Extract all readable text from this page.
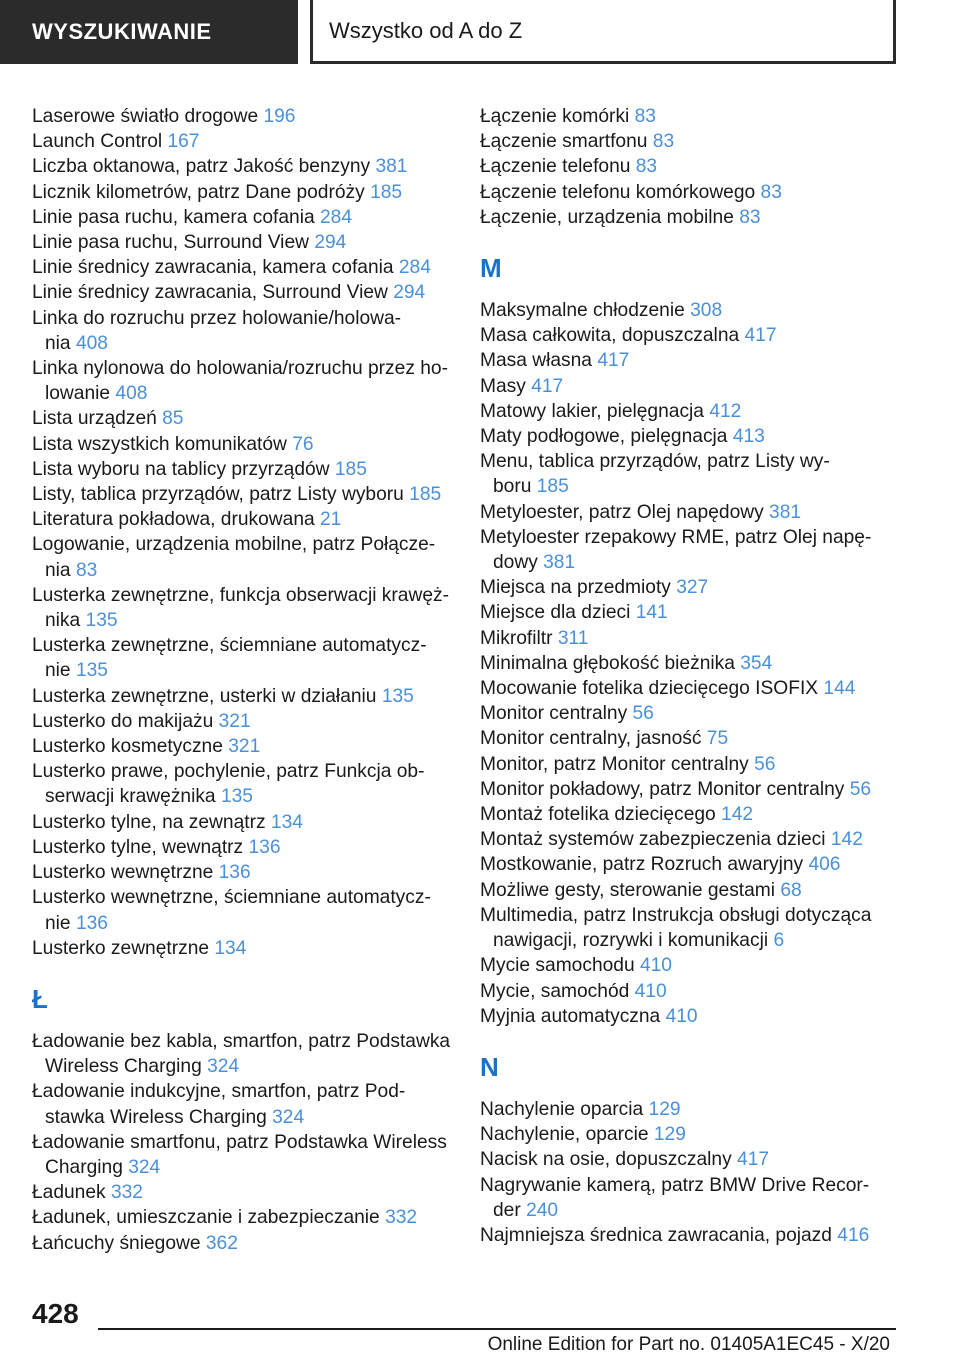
WYSZUKIWANIE	Wszystko od A do Z
Laserowe światło drogowe 196
Launch Control 167
Liczba oktanowa, patrz Jakość benzyny 381
Licznik kilometrów, patrz Dane podróży 185
Linie pasa ruchu, kamera cofania 284
Linie pasa ruchu, Surround View 294
Linie średnicy zawracania, kamera cofania 284
Linie średnicy zawracania, Surround View 294
Linka do rozruchu przez holowanie/holowa-
nia 408
Linka nylonowa do holowania/rozruchu przez ho-
lowanie 408
Lista urządzeń 85
Lista wszystkich komunikatów 76
Lista wyboru na tablicy przyrządów 185
Listy, tablica przyrządów, patrz Listy wyboru 185
Literatura pokładowa, drukowana 21
Logowanie, urządzenia mobilne, patrz Połącze-
nia 83
Lusterka zewnętrzne, funkcja obserwacji krawęż-
nika 135
Lusterka zewnętrzne, ściemniane automatycz-
nie 135
Lusterka zewnętrzne, usterki w działaniu 135
Lusterko do makijażu 321
Lusterko kosmetyczne 321
Lusterko prawe, pochylenie, patrz Funkcja ob-
serwacji krawężnika 135
Lusterko tylne, na zewnątrz 134
Lusterko tylne, wewnątrz 136
Lusterko wewnętrzne 136
Lusterko wewnętrzne, ściemniane automatycz-
nie 136
Lusterko zewnętrzne 134
Ł
Ładowanie bez kabla, smartfon, patrz Podstawka
Wireless Charging 324
Ładowanie indukcyjne, smartfon, patrz Pod-
stawka Wireless Charging 324
Ładowanie smartfonu, patrz Podstawka Wireless
Charging 324
Ładunek 332
Ładunek, umieszczanie i zabezpieczanie 332
Łańcuchy śniegowe 362
Łączenie komórki 83
Łączenie smartfonu 83
Łączenie telefonu 83
Łączenie telefonu komórkowego 83
Łączenie, urządzenia mobilne 83
M
Maksymalne chłodzenie 308
Masa całkowita, dopuszczalna 417
Masa własna 417
Masy 417
Matowy lakier, pielęgnacja 412
Maty podłogowe, pielęgnacja 413
Menu, tablica przyrządów, patrz Listy wy-
boru 185
Metyloester, patrz Olej napędowy 381
Metyloester rzepakowy RME, patrz Olej napę-
dowy 381
Miejsca na przedmioty 327
Miejsce dla dzieci 141
Mikrofiltr 311
Minimalna głębokość bieżnika 354
Mocowanie fotelika dziecięcego ISOFIX 144
Monitor centralny 56
Monitor centralny, jasność 75
Monitor, patrz Monitor centralny 56
Monitor pokładowy, patrz Monitor centralny 56
Montaż fotelika dziecięcego 142
Montaż systemów zabezpieczenia dzieci 142
Mostkowanie, patrz Rozruch awaryjny 406
Możliwe gesty, sterowanie gestami 68
Multimedia, patrz Instrukcja obsługi dotycząca
nawigacji, rozrywki i komunikacji 6
Mycie samochodu 410
Mycie, samochód 410
Myjnia automatyczna 410
N
Nachylenie oparcia 129
Nachylenie, oparcie 129
Nacisk na osie, dopuszczalny 417
Nagrywanie kamerą, patrz BMW Drive Recor-
der 240
Najmniejsza średnica zawracania, pojazd 416
428
Online Edition for Part no. 01405A1EC45 - X/20
